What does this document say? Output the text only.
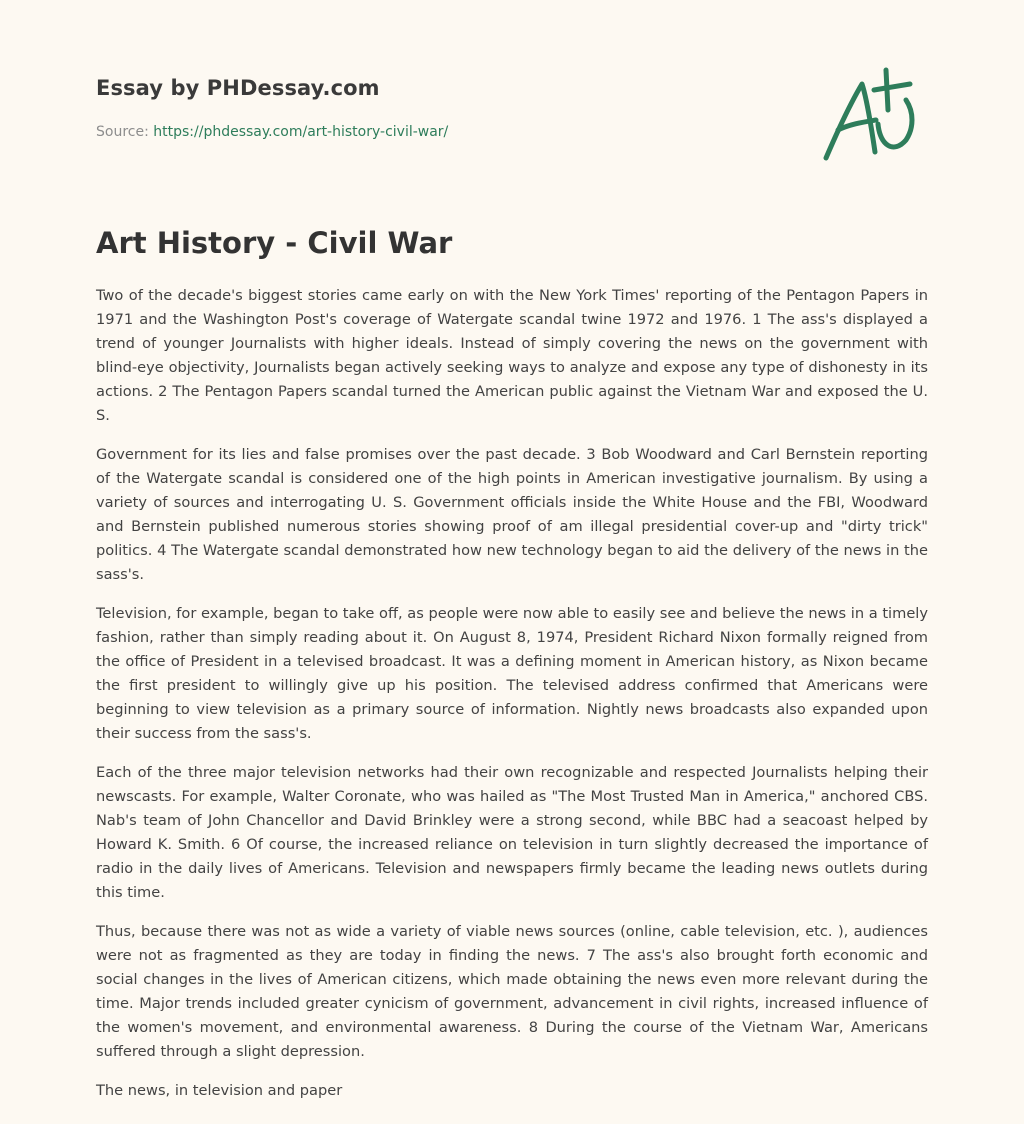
Essay by PHDessay.com
Source: https://phdessay.com/art-history-civil-war/
Art History - Civil War

Two of the decade's biggest stories came early on with the New York Times' reporting of the Pentagon Papers in 1971 and the Washington Post's coverage of Watergate scandal twine 1972 and 1976. 1 The ass's displayed a trend of younger Journalists with higher ideals. Instead of simply covering the news on the government with blind-eye objectivity, Journalists began actively seeking ways to analyze and expose any type of dishonesty in its actions. 2 The Pentagon Papers scandal turned the American public against the Vietnam War and exposed the U. S.

Government for its lies and false promises over the past decade. 3 Bob Woodward and Carl Bernstein reporting of the Watergate scandal is considered one of the high points in American investigative journalism. By using a variety of sources and interrogating U. S. Government officials inside the White House and the FBI, Woodward and Bernstein published numerous stories showing proof of am illegal presidential cover-up and "dirty trick" politics. 4 The Watergate scandal demonstrated how new technology began to aid the delivery of the news in the sass's.

Television, for example, began to take off, as people were now able to easily see and believe the news in a timely fashion, rather than simply reading about it. On August 8, 1974, President Richard Nixon formally reigned from the office of President in a televised broadcast. It was a defining moment in American history, as Nixon became the first president to willingly give up his position. The televised address confirmed that Americans were beginning to view television as a primary source of information. Nightly news broadcasts also expanded upon their success from the sass's.

Each of the three major television networks had their own recognizable and respected Journalists helping their newscasts. For example, Walter Coronate, who was hailed as "The Most Trusted Man in America," anchored CBS. Nab's team of John Chancellor and David Brinkley were a strong second, while BBC had a seacoast helped by Howard K. Smith. 6 Of course, the increased reliance on television in turn slightly decreased the importance of radio in the daily lives of Americans. Television and newspapers firmly became the leading news outlets during this time.

Thus, because there was not as wide a variety of viable news sources (online, cable television, etc. ), audiences were not as fragmented as they are today in finding the news. 7 The ass's also brought forth economic and social changes in the lives of American citizens, which made obtaining the news even more relevant during the time. Major trends included greater cynicism of government, advancement in civil rights, increased influence of the women's movement, and environmental awareness. 8 During the course of the Vietnam War, Americans suffered through a slight depression.

The news, in television and paper
